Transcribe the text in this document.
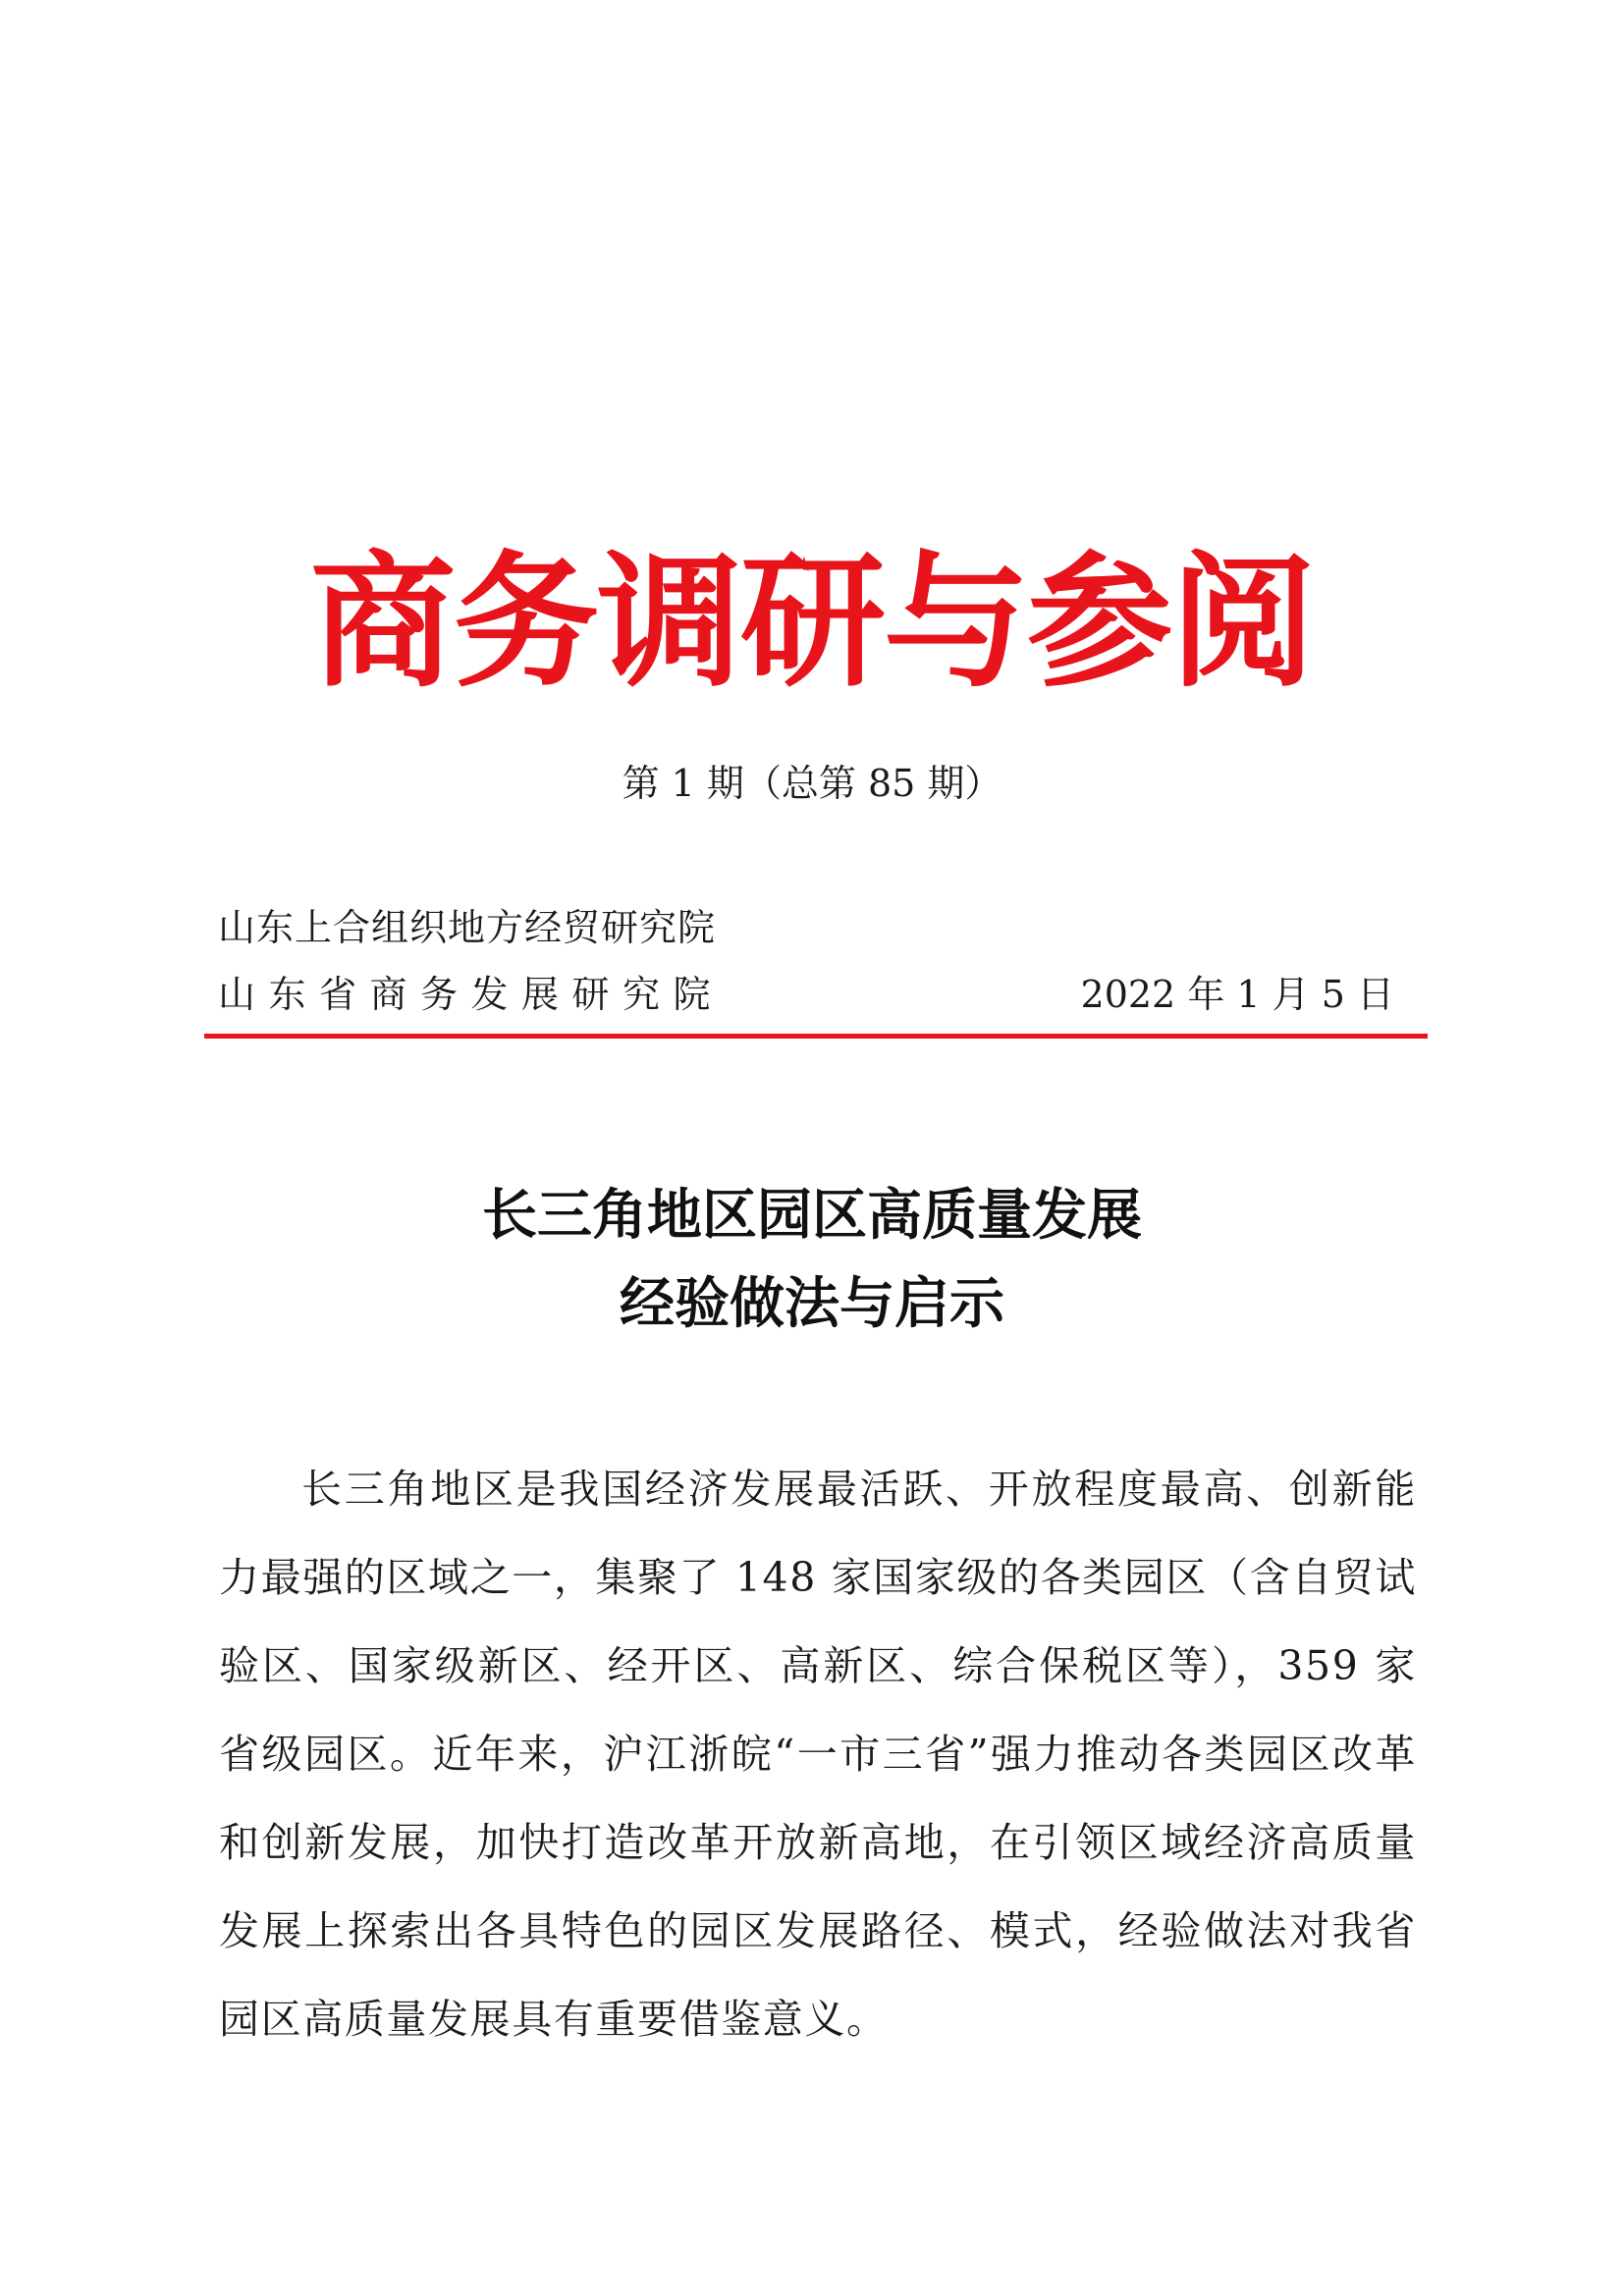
商务调研与参阅
第 1 期（总第 85 期）
山东上合组织地方经贸研究院
山东省商务发展研究院	2022 年 1 月 5 日
长三角地区园区高质量发展
经验做法与启示

长三角地区是我国经济发展最活跃、开放程度最高、创新能力最强的区域之一，集聚了 148 家国家级的各类园区（含自贸试验区、国家级新区、经开区、高新区、综合保税区等），359 家省级园区。近年来，沪江浙皖“一市三省”强力推动各类园区改革和创新发展，加快打造改革开放新高地，在引领区域经济高质量发展上探索出各具特色的园区发展路径、模式，经验做法对我省园区高质量发展具有重要借鉴意义。
